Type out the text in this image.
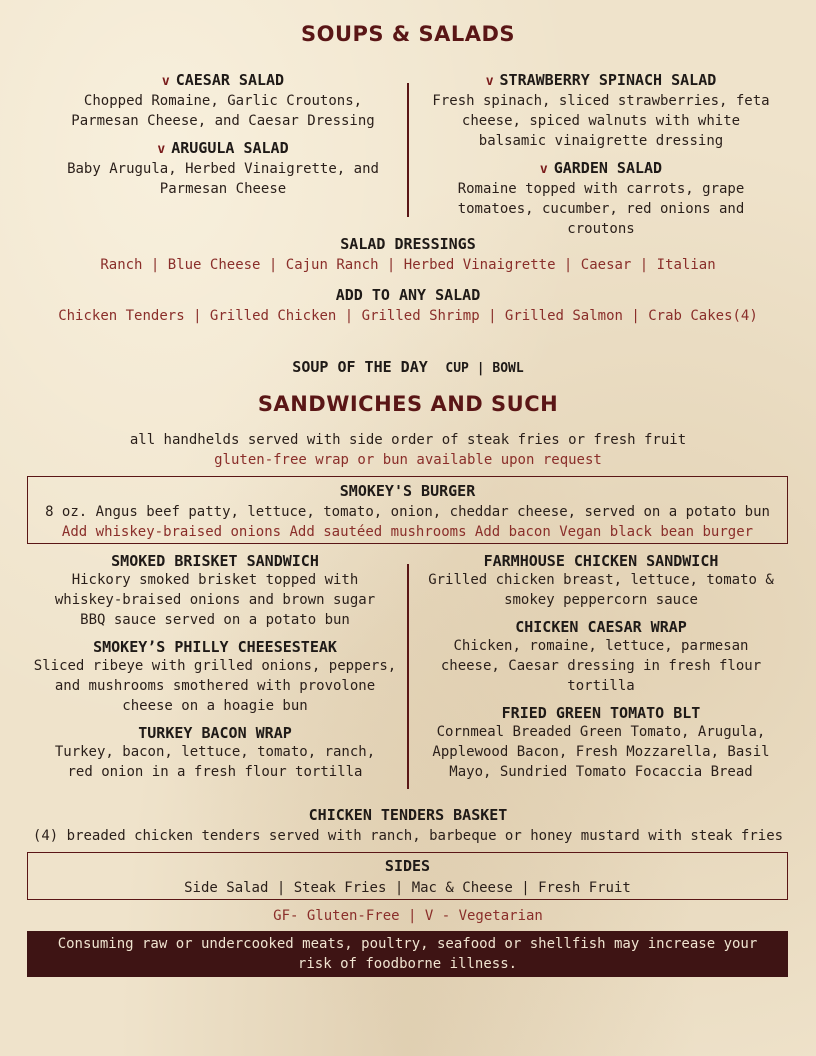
SOUPS & SALADS
v CAESAR SALAD
Chopped Romaine, Garlic Croutons, Parmesan Cheese, and Caesar Dressing
v ARUGULA SALAD
Baby Arugula, Herbed Vinaigrette, and Parmesan Cheese
v STRAWBERRY SPINACH SALAD
Fresh spinach, sliced strawberries, feta cheese, spiced walnuts with white balsamic vinaigrette dressing
v GARDEN SALAD
Romaine topped with carrots, grape tomatoes, cucumber, red onions and croutons
SALAD DRESSINGS
Ranch | Blue Cheese | Cajun Ranch | Herbed Vinaigrette | Caesar | Italian
ADD TO ANY SALAD
Chicken Tenders | Grilled Chicken | Grilled Shrimp | Grilled Salmon | Crab Cakes(4)
SOUP OF THE DAY CUP | BOWL
SANDWICHES AND SUCH
all handhelds served with side order of steak fries or fresh fruit
gluten-free wrap or bun available upon request
SMOKEY'S BURGER
8 oz. Angus beef patty, lettuce, tomato, onion, cheddar cheese, served on a potato bun
Add whiskey-braised onions Add sautéed mushrooms Add bacon Vegan black bean burger
SMOKED BRISKET SANDWICH
Hickory smoked brisket topped with whiskey-braised onions and brown sugar BBQ sauce served on a potato bun
SMOKEY’S PHILLY CHEESESTEAK
Sliced ribeye with grilled onions, peppers, and mushrooms smothered with provolone cheese on a hoagie bun
TURKEY BACON WRAP
Turkey, bacon, lettuce, tomato, ranch, red onion in a fresh flour tortilla
FARMHOUSE CHICKEN SANDWICH
Grilled chicken breast, lettuce, tomato & smokey peppercorn sauce
CHICKEN CAESAR WRAP
Chicken, romaine, lettuce, parmesan cheese, Caesar dressing in fresh flour tortilla
FRIED GREEN TOMATO BLT
Cornmeal Breaded Green Tomato, Arugula, Applewood Bacon, Fresh Mozzarella, Basil Mayo, Sundried Tomato Focaccia Bread
CHICKEN TENDERS BASKET
(4) breaded chicken tenders served with ranch, barbeque or honey mustard with steak fries
SIDES
Side Salad | Steak Fries | Mac & Cheese | Fresh Fruit
GF- Gluten-Free | V - Vegetarian
Consuming raw or undercooked meats, poultry, seafood or shellfish may increase your risk of foodborne illness.
